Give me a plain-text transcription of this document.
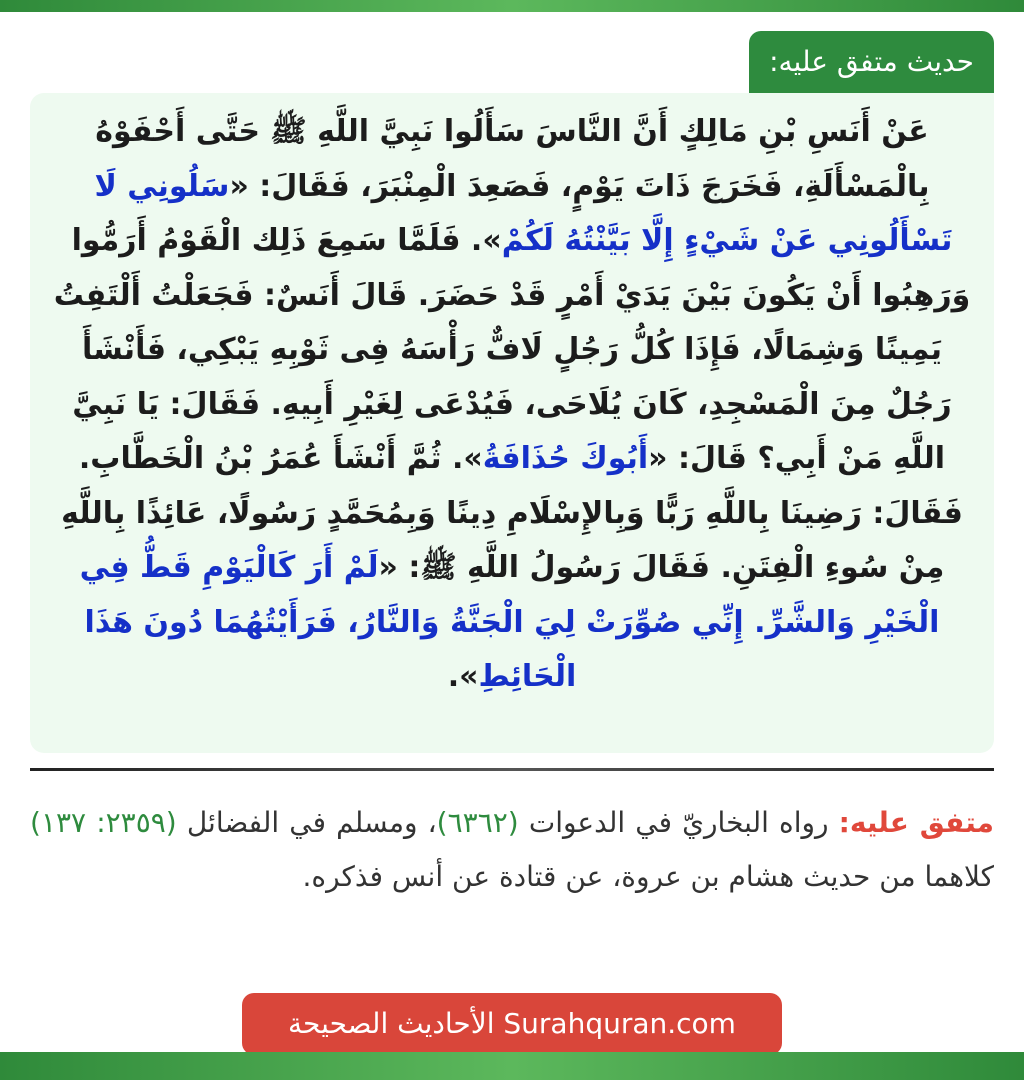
حديث متفق عليه:

عَنْ أَنَسِ بْنِ مَالِكٍ أَنَّ النَّاسَ سَأَلُوا نَبِيَّ اللَّهِ ﷺ حَتَّى أَحْفَوْهُ بِالْمَسْأَلَةِ، فَخَرَجَ ذَاتَ يَوْمٍ، فَصَعِدَ الْمِنْبَرَ، فَقَالَ: «سَلُونِي لَا تَسْأَلُونِي عَنْ شَيْءٍ إِلَّا بَيَّنْتُهُ لَكُمْ». فَلَمَّا سَمِعَ ذَلِك الْقَوْمُ أَرَمُّوا وَرَهِبُوا أَنْ يَكُونَ بَيْنَ يَدَيْ أَمْرٍ قَدْ حَضَرَ. قَالَ أَنَسٌ: فَجَعَلْتُ أَلْتَفِتُ يَمِينًا وَشِمَالًا، فَإِذَا كُلُّ رَجُلٍ لَافٌّ رَأْسَهُ فِى ثَوْبِهِ يَبْكِي، فَأَنْشَأَ رَجُلٌ مِنَ الْمَسْجِدِ، كَانَ يُلَاحَى، فَيُدْعَى لِغَيْرِ أَبِيهِ. فَقَالَ: يَا نَبِيَّ اللَّهِ مَنْ أَبِي؟ قَالَ: «أَبُوكَ حُذَافَةُ». ثُمَّ أَنْشَأَ عُمَرُ بْنُ الْخَطَّابِ. فَقَالَ: رَضِينَا بِاللَّهِ رَبًّا وَبِالإِسْلَامِ دِينًا وَبِمُحَمَّدٍ رَسُولًا، عَائِذًا بِاللَّهِ مِنْ سُوءِ الْفِتَنِ. فَقَالَ رَسُولُ اللَّهِ ﷺ: «لَمْ أَرَ كَالْيَوْمِ قَطُّ فِي الْخَيْرِ وَالشَّرِّ. إِنِّي صُوِّرَتْ لِيَ الْجَنَّةُ وَالنَّارُ، فَرَأَيْتُهُمَا دُونَ هَذَا الْحَائِطِ».

متفق عليه: رواه البخاريّ في الدعوات (٦٣٦٢)، ومسلم في الفضائل (٢٣٥٩: ١٣٧) كلاهما من حديث هشام بن عروة، عن قتادة عن أنس فذكره.
الأحاديث الصحيحة Surahquran.com
